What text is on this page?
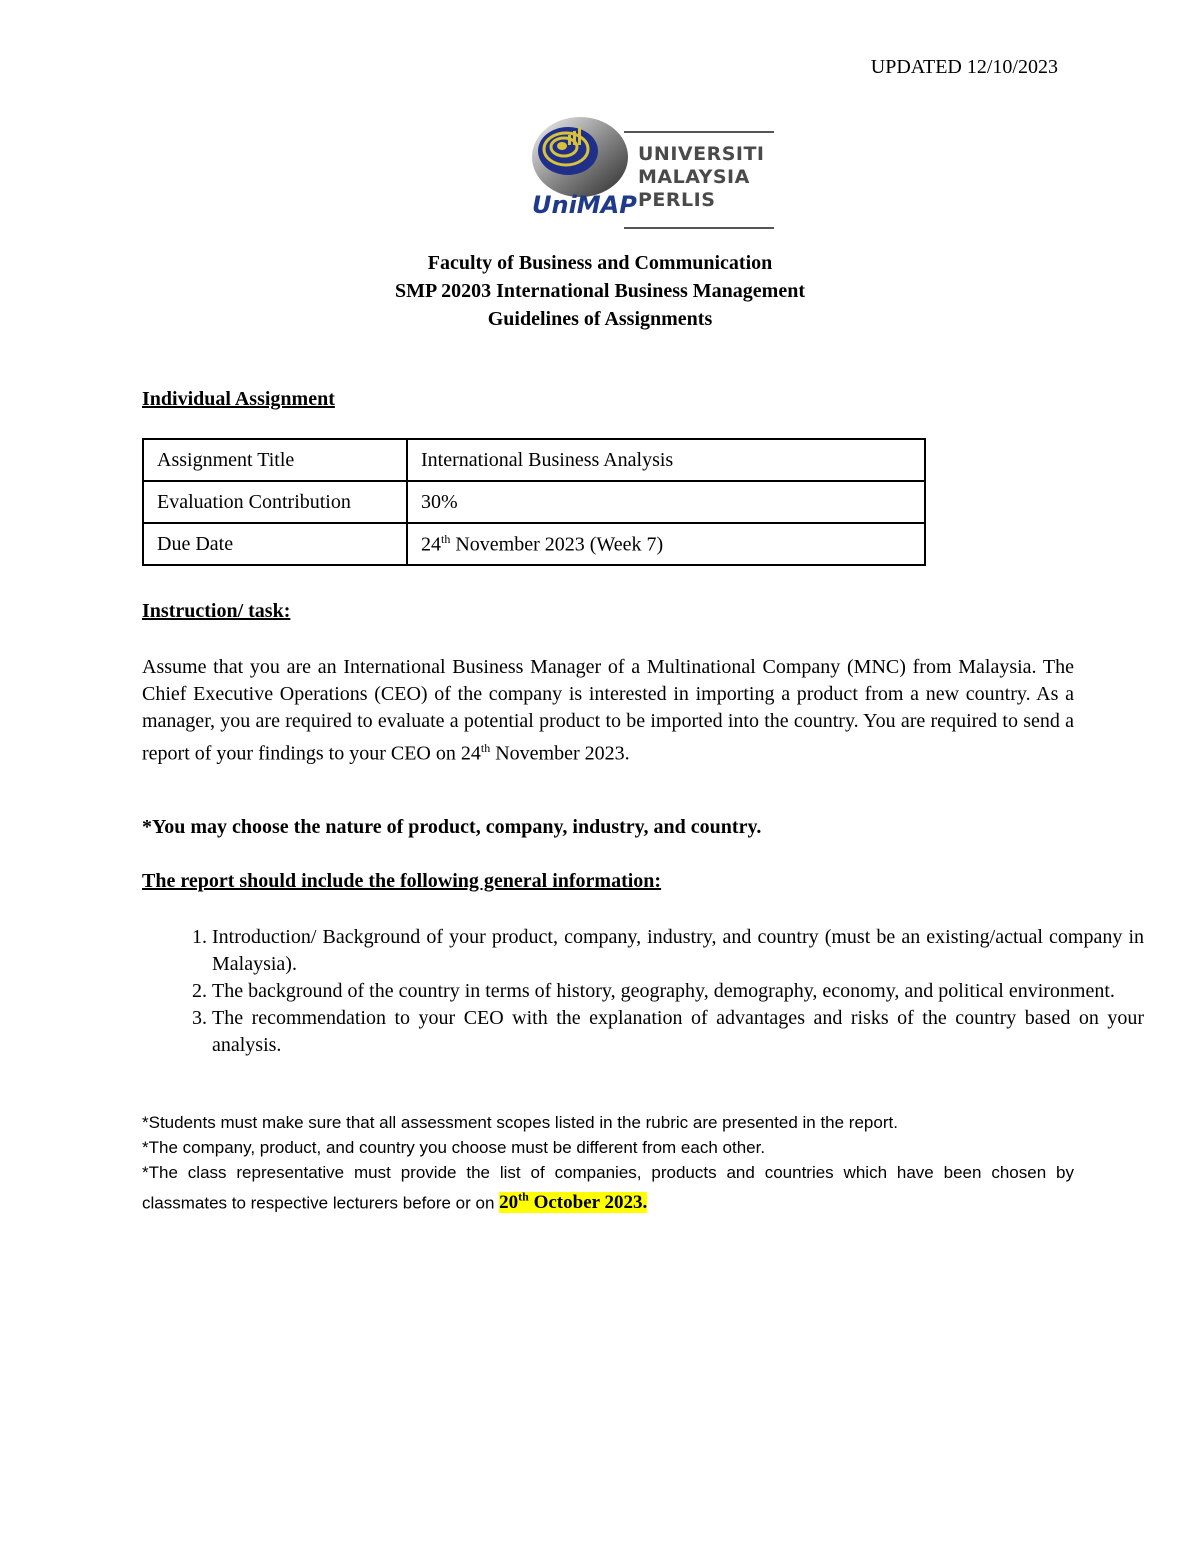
UPDATED 12/10/2023
UNIVERSITI
MALAYSIA
PERLIS
UniMAP
Faculty of Business and Communication
SMP 20203 International Business Management
Guidelines of Assignments
Individual Assignment
Assignment Title	International Business Analysis
Evaluation Contribution	30%
Due Date	24th November 2023 (Week 7)
Instruction/ task:
Assume that you are an International Business Manager of a Multinational Company (MNC) from Malaysia. The Chief Executive Operations (CEO) of the company is interested in importing a product from a new country. As a manager, you are required to evaluate a potential product to be imported into the country. You are required to send a report of your findings to your CEO on 24th November 2023.
*You may choose the nature of product, company, industry, and country.
The report should include the following general information:
1. Introduction/ Background of your product, company, industry, and country (must be an existing/actual company in Malaysia).
2. The background of the country in terms of history, geography, demography, economy, and political environment.
3. The recommendation to your CEO with the explanation of advantages and risks of the country based on your analysis.
*Students must make sure that all assessment scopes listed in the rubric are presented in the report.
*The company, product, and country you choose must be different from each other.
*The class representative must provide the list of companies, products and countries which have been chosen by classmates to respective lecturers before or on 20th October 2023.
